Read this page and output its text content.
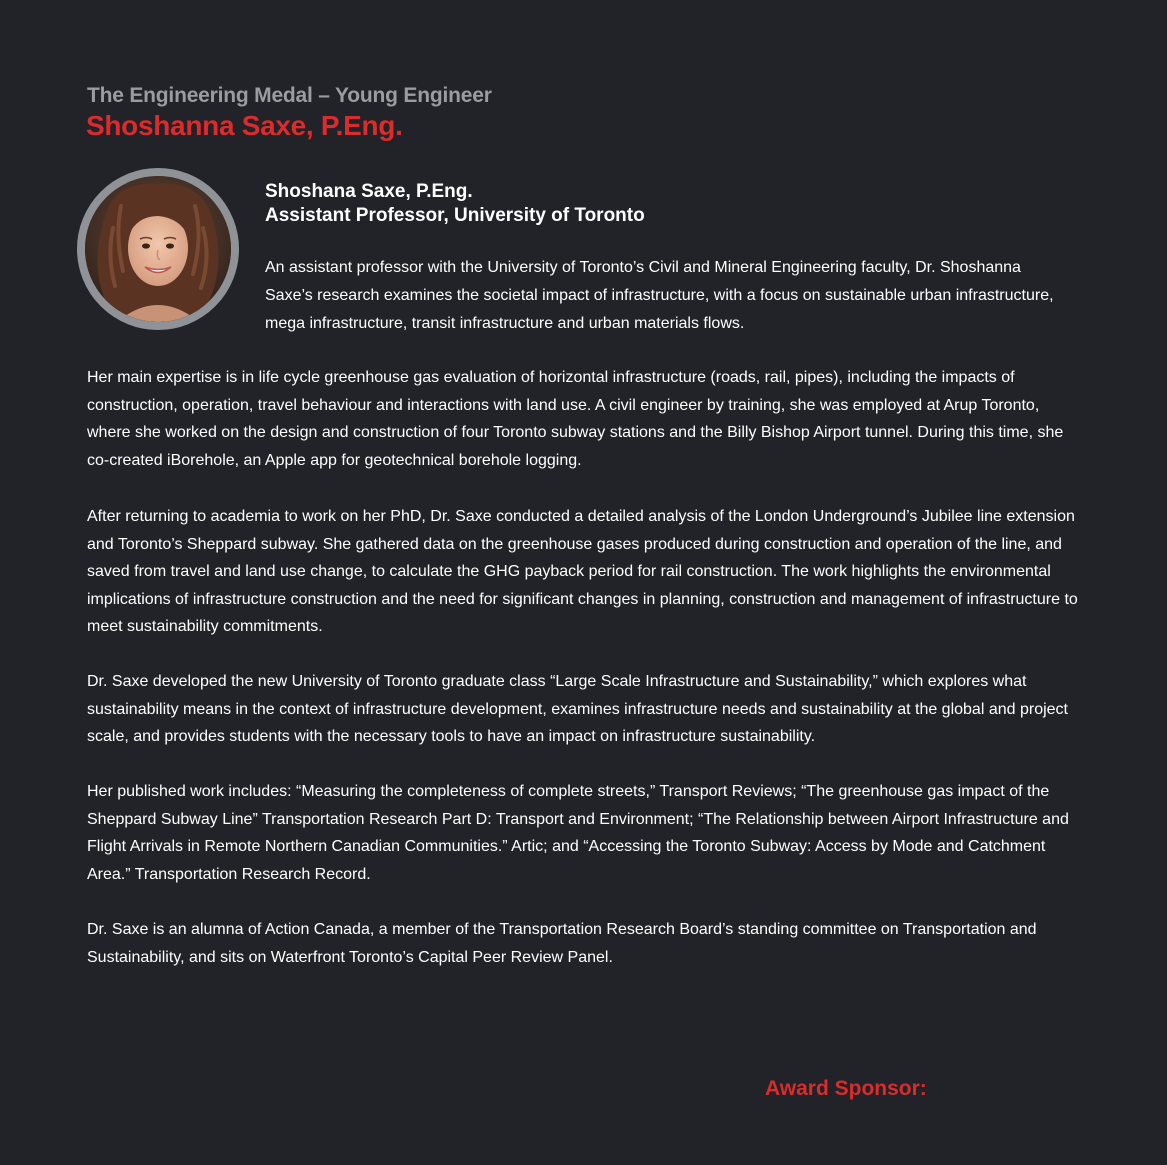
The Engineering Medal – Young Engineer
Shoshanna Saxe, P.Eng.

Shoshana Saxe, P.Eng.

Assistant Professor, University of Toronto

An assistant professor with the University of Toronto’s Civil and Mineral Engineering faculty, Dr. Shoshanna Saxe’s research examines the societal impact of infrastructure, with a focus on sustainable urban infrastructure, mega infrastructure, transit infrastructure and urban materials flows.

Her main expertise is in life cycle greenhouse gas evaluation of horizontal infrastructure (roads, rail, pipes), including the impacts of construction, operation, travel behaviour and interactions with land use. A civil engineer by training, she was employed at Arup Toronto, where she worked on the design and construction of four Toronto subway stations and the Billy Bishop Airport tunnel. During this time, she co-created iBorehole, an Apple app for geotechnical borehole logging.

After returning to academia to work on her PhD, Dr. Saxe conducted a detailed analysis of the London Underground’s Jubilee line extension and Toronto’s Sheppard subway. She gathered data on the greenhouse gases produced during construction and operation of the line, and saved from travel and land use change, to calculate the GHG payback period for rail construction. The work highlights the environmental implications of infrastructure construction and the need for significant changes in planning, construction and management of infrastructure to meet sustainability commitments.

Dr. Saxe developed the new University of Toronto graduate class “Large Scale Infrastructure and Sustainability,” which explores what sustainability means in the context of infrastructure development, examines infrastructure needs and sustainability at the global and project scale, and provides students with the necessary tools to have an impact on infrastructure sustainability.

Her published work includes: “Measuring the completeness of complete streets,” Transport Reviews; “The greenhouse gas impact of the Sheppard Subway Line” Transportation Research Part D: Transport and Environment; “The Relationship between Airport Infrastructure and Flight Arrivals in Remote Northern Canadian Communities.” Artic; and “Accessing the Toronto Subway: Access by Mode and Catchment Area.” Transportation Research Record.

Dr. Saxe is an alumna of Action Canada, a member of the Transportation Research Board’s standing committee on Transportation and Sustainability, and sits on Waterfront Toronto’s Capital Peer Review Panel.

Award Sponsor:
